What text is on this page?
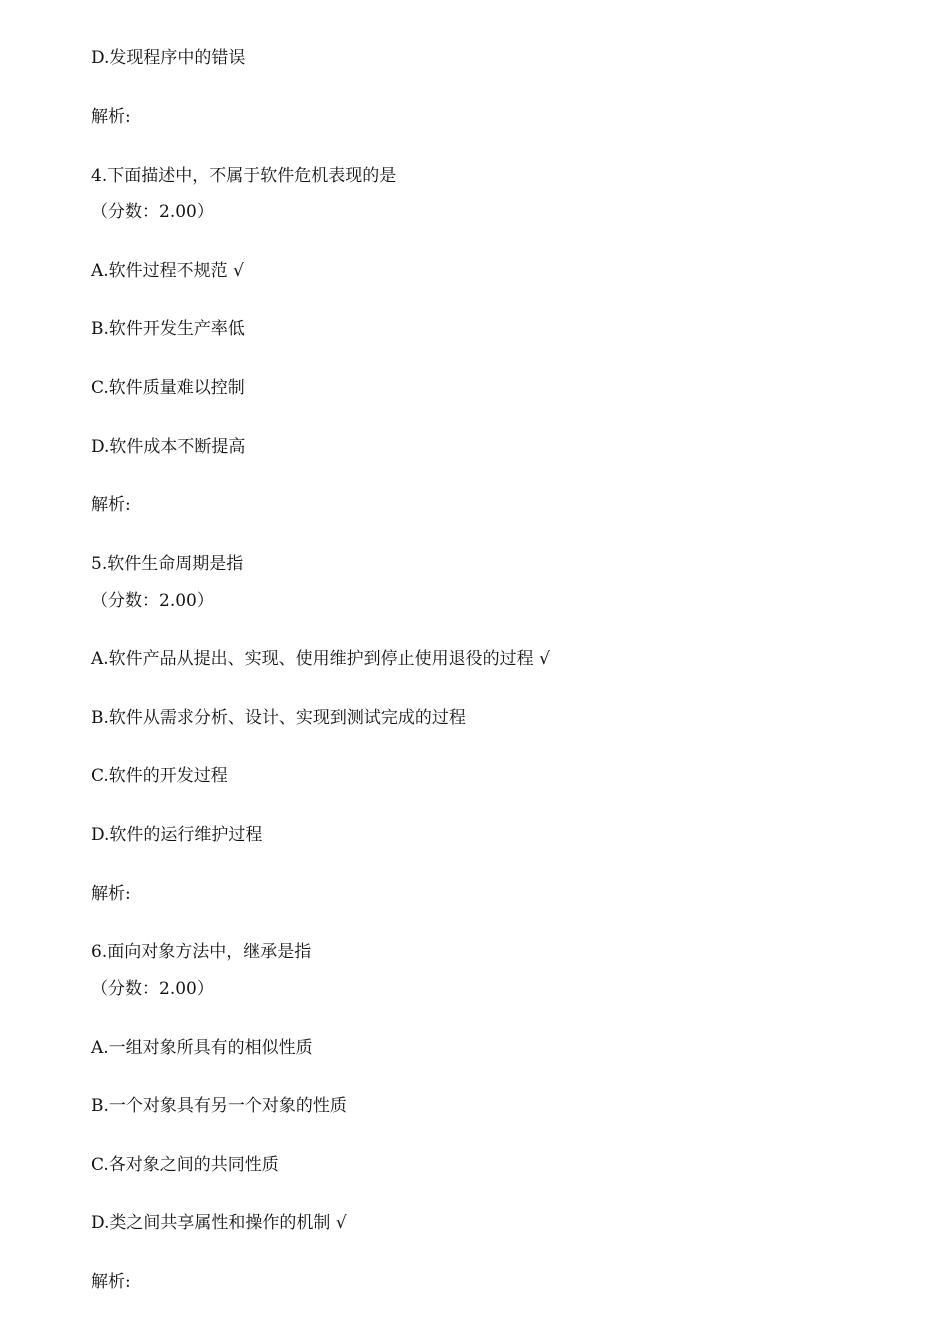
D.发现程序中的错误
解析:
4.下面描述中，不属于软件危机表现的是
（分数：2.00）
A.软件过程不规范 √
B.软件开发生产率低
C.软件质量难以控制
D.软件成本不断提高
解析:
5.软件生命周期是指
（分数：2.00）
A.软件产品从提出、实现、使用维护到停止使用退役的过程 √
B.软件从需求分析、设计、实现到测试完成的过程
C.软件的开发过程
D.软件的运行维护过程
解析:
6.面向对象方法中，继承是指
（分数：2.00）
A.一组对象所具有的相似性质
B.一个对象具有另一个对象的性质
C.各对象之间的共同性质
D.类之间共享属性和操作的机制 √
解析:
